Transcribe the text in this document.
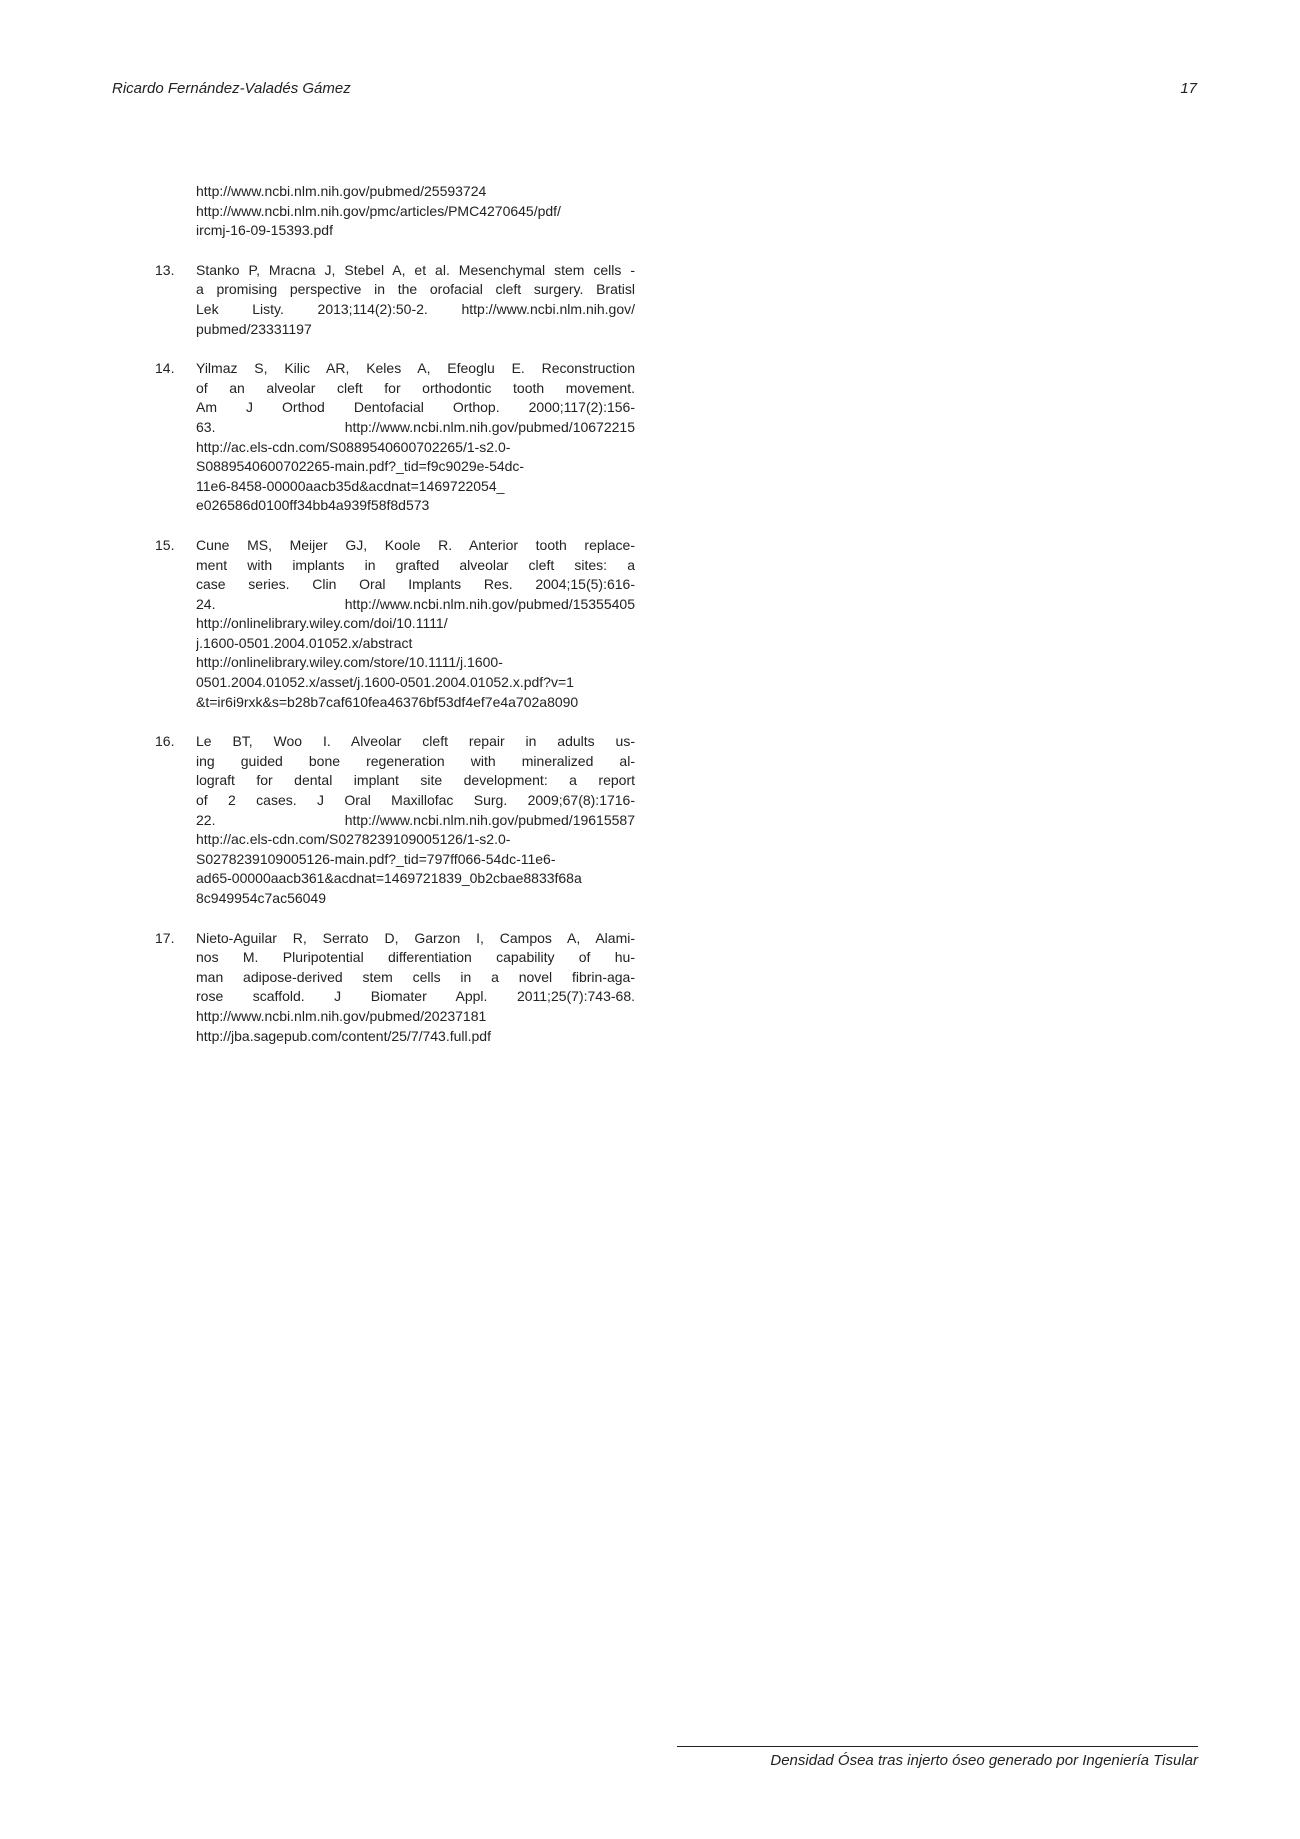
Ricardo Fernández-Valadés Gámez	17
http://www.ncbi.nlm.nih.gov/pubmed/25593724
http://www.ncbi.nlm.nih.gov/pmc/articles/PMC4270645/pdf/
ircmj-16-09-15393.pdf
13.	Stanko P, Mracna J, Stebel A, et al. Mesenchymal stem cells -
a promising perspective in the orofacial cleft surgery. Bratisl
Lek Listy. 2013;114(2):50-2. http://www.ncbi.nlm.nih.gov/
pubmed/23331197
14.	Yilmaz S, Kilic AR, Keles A, Efeoglu E. Reconstruction
of an alveolar cleft for orthodontic tooth movement.
Am J Orthod Dentofacial Orthop. 2000;117(2):156-
63. http://www.ncbi.nlm.nih.gov/pubmed/10672215
http://ac.els-cdn.com/S0889540600702265/1-s2.0-
S0889540600702265-main.pdf?_tid=f9c9029e-54dc-
11e6-8458-00000aacb35d&acdnat=1469722054_
e026586d0100ff34bb4a939f58f8d573
15.	Cune MS, Meijer GJ, Koole R. Anterior tooth replace-
ment with implants in grafted alveolar cleft sites: a
case series. Clin Oral Implants Res. 2004;15(5):616-
24. http://www.ncbi.nlm.nih.gov/pubmed/15355405
http://onlinelibrary.wiley.com/doi/10.1111/
j.1600-0501.2004.01052.x/abstract
http://onlinelibrary.wiley.com/store/10.1111/j.1600-
0501.2004.01052.x/asset/j.1600-0501.2004.01052.x.pdf?v=1
&t=ir6i9rxk&s=b28b7caf610fea46376bf53df4ef7e4a702a8090
16.	Le BT, Woo I. Alveolar cleft repair in adults us-
ing guided bone regeneration with mineralized al-
lograft for dental implant site development: a report
of 2 cases. J Oral Maxillofac Surg. 2009;67(8):1716-
22. http://www.ncbi.nlm.nih.gov/pubmed/19615587
http://ac.els-cdn.com/S0278239109005126/1-s2.0-
S0278239109005126-main.pdf?_tid=797ff066-54dc-11e6-
ad65-00000aacb361&acdnat=1469721839_0b2cbae8833f68a
8c949954c7ac56049
17.	Nieto-Aguilar R, Serrato D, Garzon I, Campos A, Alami-
nos M. Pluripotential differentiation capability of hu-
man adipose-derived stem cells in a novel fibrin-aga-
rose scaffold. J Biomater Appl. 2011;25(7):743-68.
http://www.ncbi.nlm.nih.gov/pubmed/20237181
http://jba.sagepub.com/content/25/7/743.full.pdf
Densidad Ósea tras injerto óseo generado por Ingeniería Tisular
